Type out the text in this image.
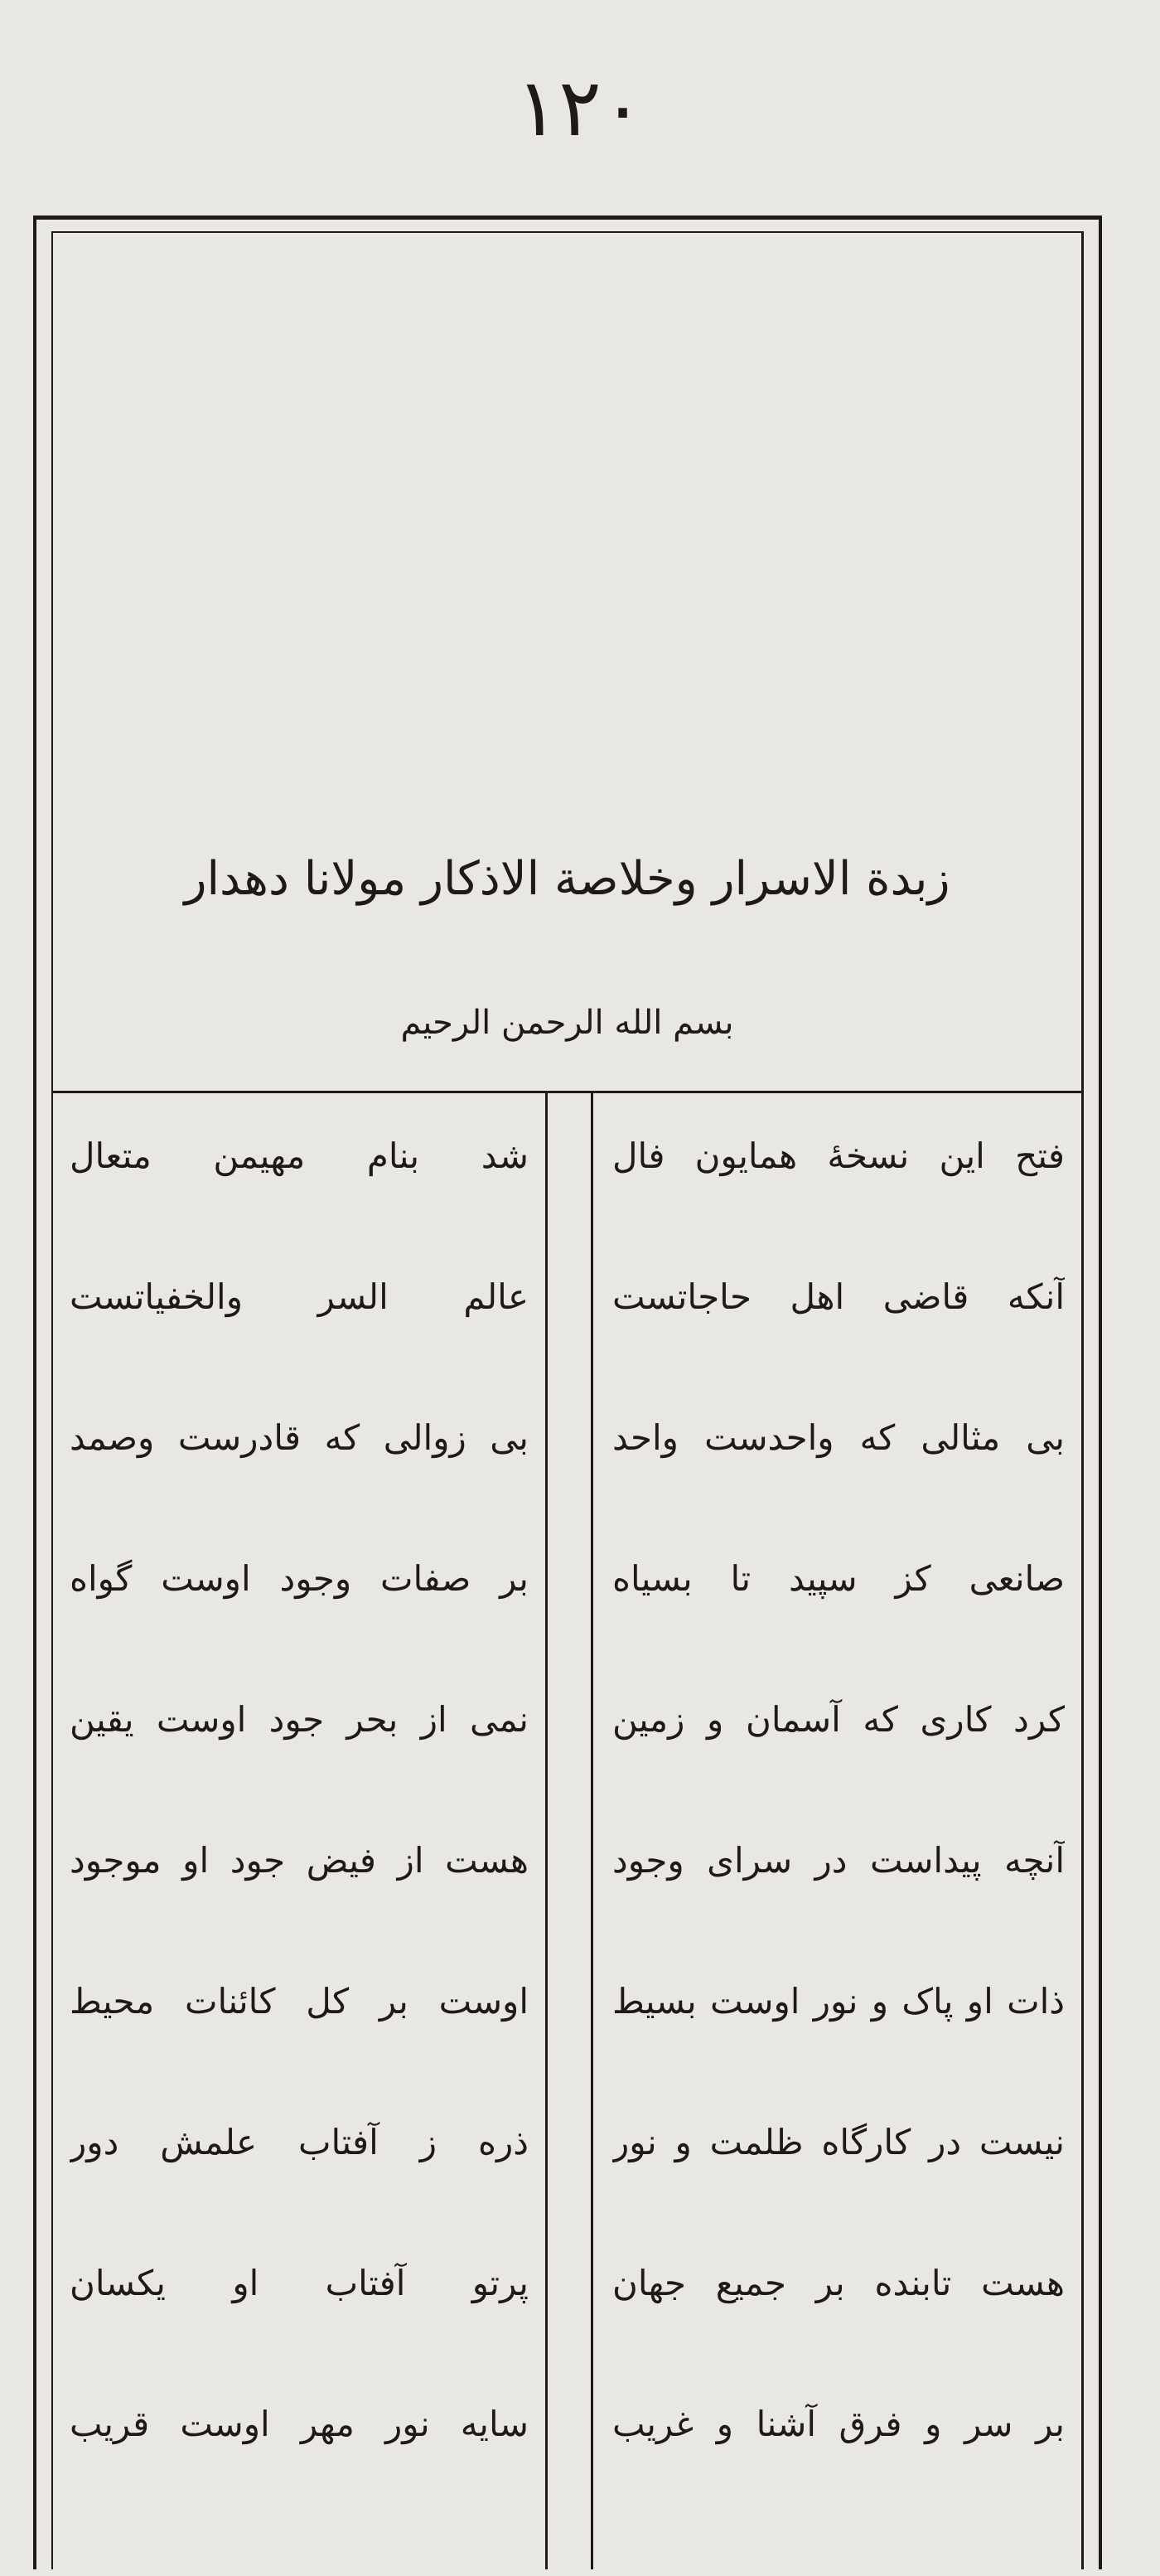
١٢٠
زبدة الاسرار وخلاصة الاذكار مولانا دهدار
بسم الله الرحمن الرحیم
فتح این نسخهٔ همایون فال
آنکه قاضی اهل حاجاتست
بی مثالی که واحدست واحد
صانعی کز سپید تا بسیاه
کرد کاری که آسمان و زمین
آنچه پیداست در سرای وجود
ذات او پاک و نور اوست بسیط
نیست در کارگاه ظلمت و نور
هست تابنده بر جمیع جهان
بر سر و فرق آشنا و غریب
شد بنام مهیمن متعال
عالم السر والخفیاتست
بی زوالی که قادرست وصمد
بر صفات وجود اوست گواه
نمی از بحر جود اوست یقین
هست از فیض جود او موجود
اوست بر کل کائنات محیط
ذره ز آفتاب علمش دور
پرتو آفتاب او یکسان
سایه نور مهر اوست قریب
